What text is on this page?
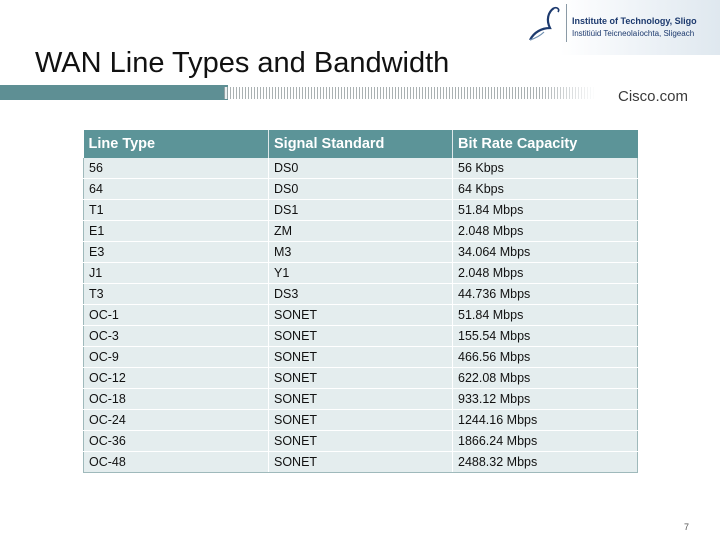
Institute of Technology, Sligo
Institiúid Teicneolaíochta, Sligeach
WAN Line Types and Bandwidth
Cisco.com
Line Type	Signal Standard	Bit Rate Capacity
56	DS0	56 Kbps
64	DS0	64 Kbps
T1	DS1	51.84 Mbps
E1	ZM	2.048 Mbps
E3	M3	34.064 Mbps
J1	Y1	2.048 Mbps
T3	DS3	44.736 Mbps
OC-1	SONET	51.84 Mbps
OC-3	SONET	155.54 Mbps
OC-9	SONET	466.56 Mbps
OC-12	SONET	622.08 Mbps
OC-18	SONET	933.12 Mbps
OC-24	SONET	1244.16 Mbps
OC-36	SONET	1866.24 Mbps
OC-48	SONET	2488.32 Mbps
7
